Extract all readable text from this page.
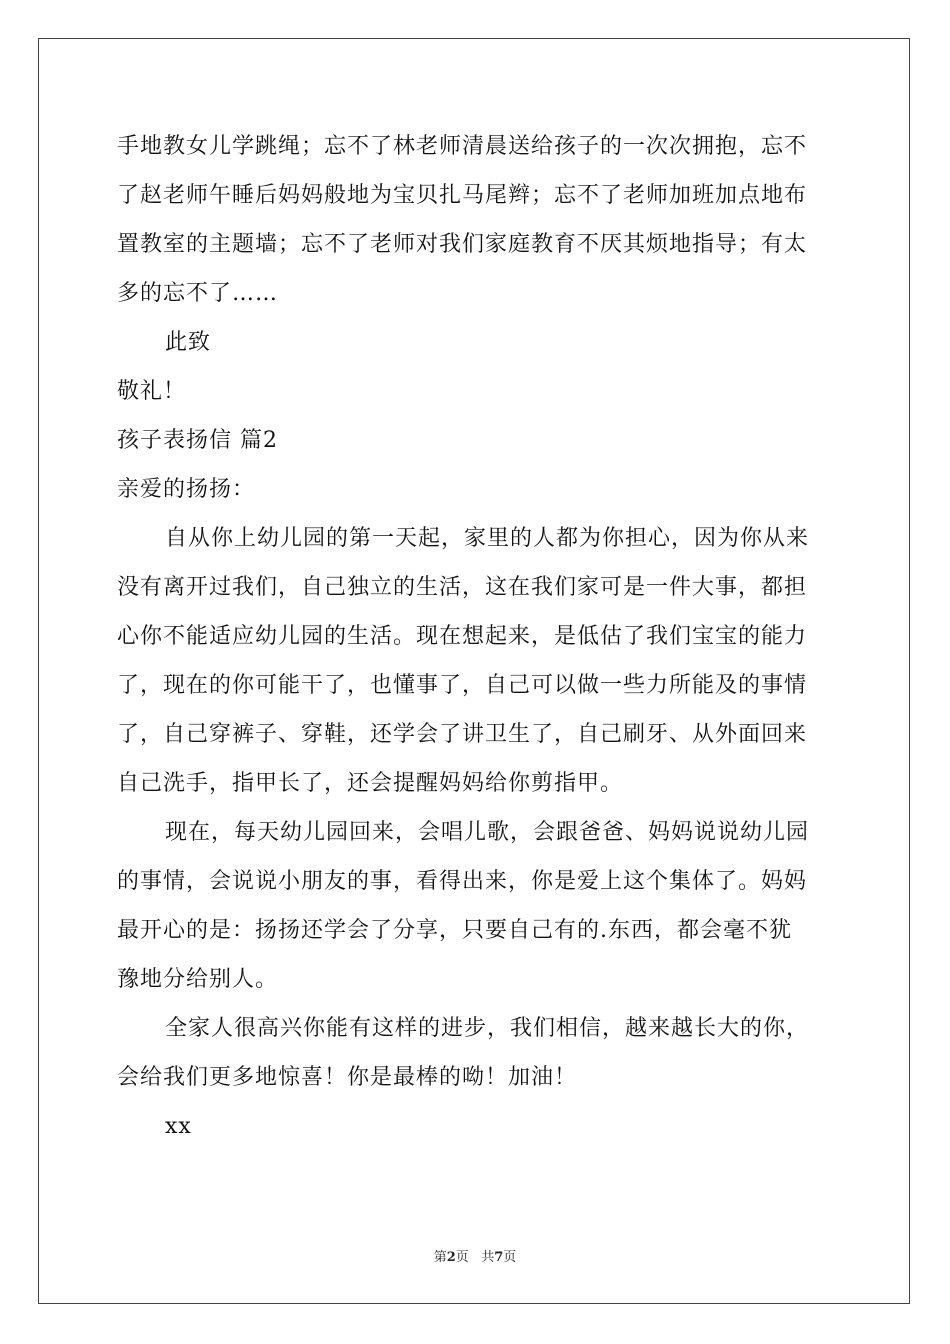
手地教女儿学跳绳；忘不了林老师清晨送给孩子的一次次拥抱，忘不
了赵老师午睡后妈妈般地为宝贝扎马尾辫；忘不了老师加班加点地布
置教室的主题墙；忘不了老师对我们家庭教育不厌其烦地指导；有太
多的忘不了……
此致
敬礼！
孩子表扬信 篇2
亲爱的扬扬：
自从你上幼儿园的第一天起，家里的人都为你担心，因为你从来
没有离开过我们，自己独立的生活，这在我们家可是一件大事，都担
心你不能适应幼儿园的生活。现在想起来，是低估了我们宝宝的能力
了，现在的你可能干了，也懂事了，自己可以做一些力所能及的事情
了，自己穿裤子、穿鞋，还学会了讲卫生了，自己刷牙、从外面回来
自己洗手，指甲长了，还会提醒妈妈给你剪指甲。
现在，每天幼儿园回来，会唱儿歌，会跟爸爸、妈妈说说幼儿园
的事情，会说说小朋友的事，看得出来，你是爱上这个集体了。妈妈
最开心的是：扬扬还学会了分享，只要自己有的.东西，都会毫不犹
豫地分给别人。
全家人很高兴你能有这样的进步，我们相信，越来越长大的你，
会给我们更多地惊喜！你是最棒的呦！加油！
xx
第2页 共7页
